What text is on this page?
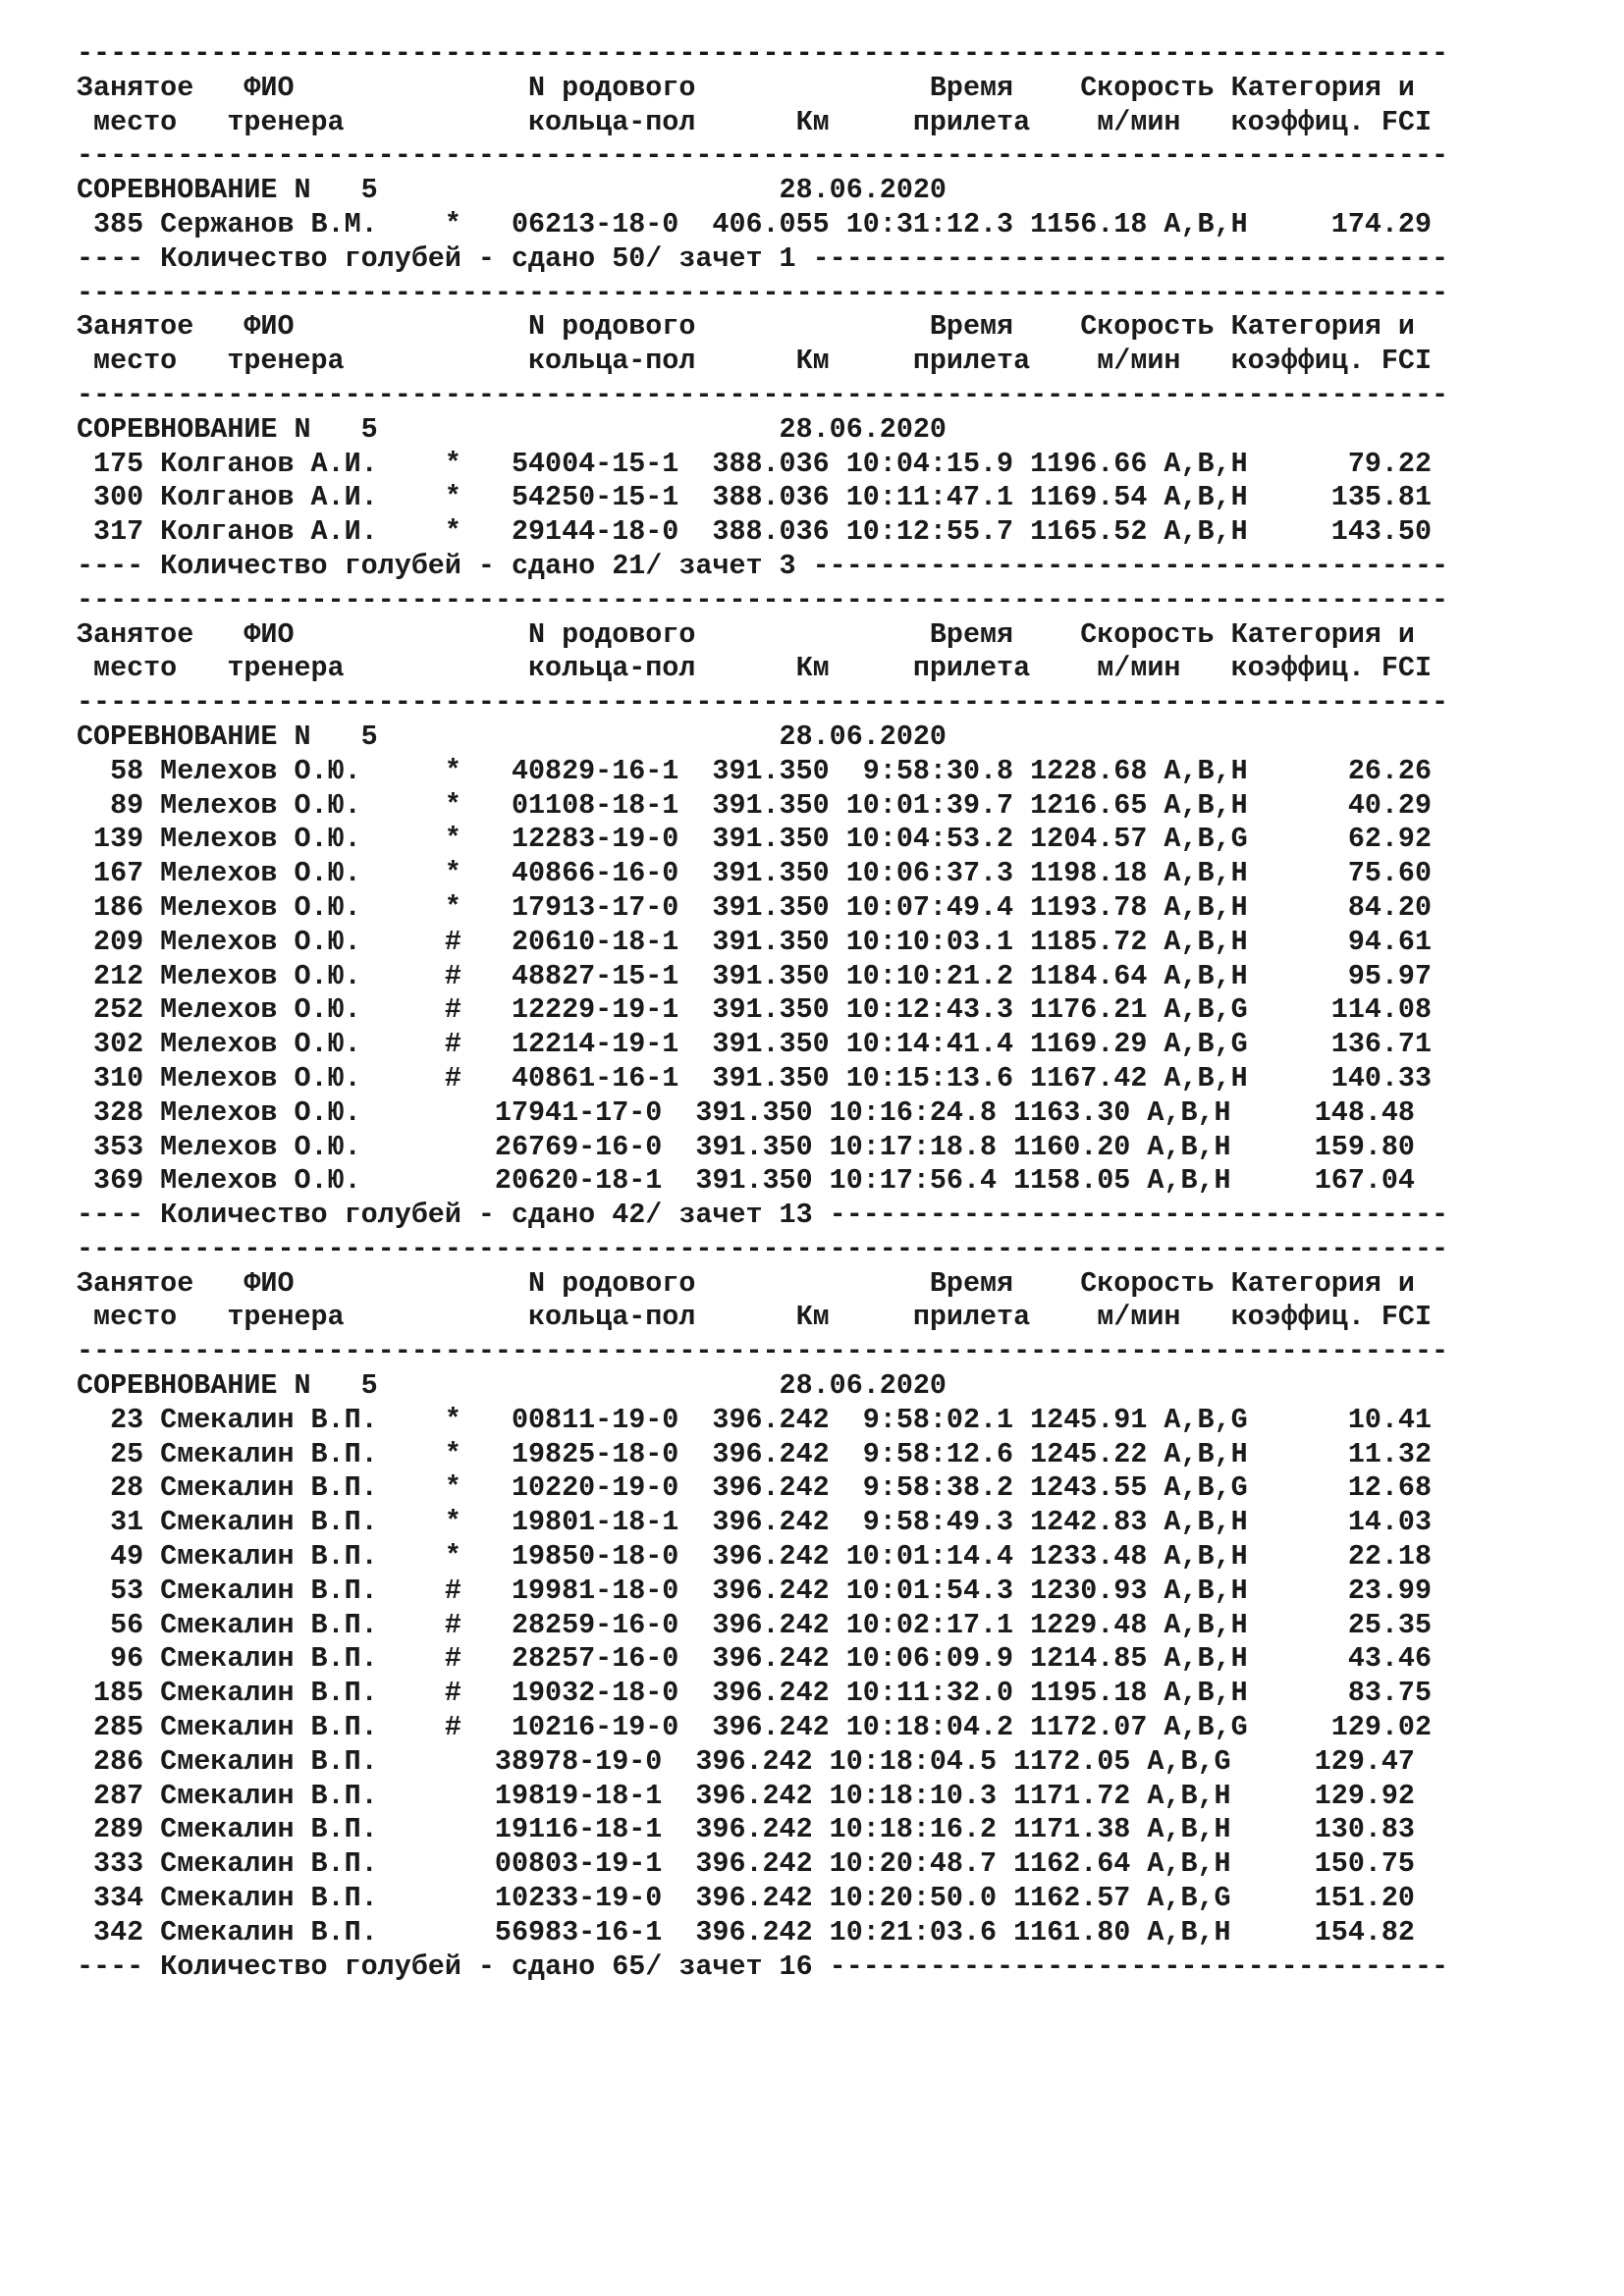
----------------------------------------------------------------------------------
Занятое   ФИО              N родового              Время    Скорость Категория и
место   тренера           кольца-пол      Км     прилета    м/мин   коэффиц. FCI
----------------------------------------------------------------------------------
СОРЕВНОВАНИЕ N   5                        28.06.2020
385 Сержанов В.М.    *   06213-18-0  406.055 10:31:12.3 1156.18 A,B,H     174.29
---- Количество голубей - сдано 50/ зачет 1 --------------------------------------
----------------------------------------------------------------------------------
Занятое   ФИО              N родового              Время    Скорость Категория и
место   тренера           кольца-пол      Км     прилета    м/мин   коэффиц. FCI
----------------------------------------------------------------------------------
СОРЕВНОВАНИЕ N   5                        28.06.2020
175 Колганов А.И.    *   54004-15-1  388.036 10:04:15.9 1196.66 A,B,H      79.22
300 Колганов А.И.    *   54250-15-1  388.036 10:11:47.1 1169.54 A,B,H     135.81
317 Колганов А.И.    *   29144-18-0  388.036 10:12:55.7 1165.52 A,B,H     143.50
---- Количество голубей - сдано 21/ зачет 3 --------------------------------------
----------------------------------------------------------------------------------
Занятое   ФИО              N родового              Время    Скорость Категория и
место   тренера           кольца-пол      Км     прилета    м/мин   коэффиц. FCI
----------------------------------------------------------------------------------
СОРЕВНОВАНИЕ N   5                        28.06.2020
58 Мелехов О.Ю.     *   40829-16-1  391.350  9:58:30.8 1228.68 A,B,H      26.26
89 Мелехов О.Ю.     *   01108-18-1  391.350 10:01:39.7 1216.65 A,B,H      40.29
139 Мелехов О.Ю.     *   12283-19-0  391.350 10:04:53.2 1204.57 A,B,G      62.92
167 Мелехов О.Ю.     *   40866-16-0  391.350 10:06:37.3 1198.18 A,B,H      75.60
186 Мелехов О.Ю.     *   17913-17-0  391.350 10:07:49.4 1193.78 A,B,H      84.20
209 Мелехов О.Ю.     #   20610-18-1  391.350 10:10:03.1 1185.72 A,B,H      94.61
212 Мелехов О.Ю.     #   48827-15-1  391.350 10:10:21.2 1184.64 A,B,H      95.97
252 Мелехов О.Ю.     #   12229-19-1  391.350 10:12:43.3 1176.21 A,B,G     114.08
302 Мелехов О.Ю.     #   12214-19-1  391.350 10:14:41.4 1169.29 A,B,G     136.71
310 Мелехов О.Ю.     #   40861-16-1  391.350 10:15:13.6 1167.42 A,B,H     140.33
328 Мелехов О.Ю.        17941-17-0  391.350 10:16:24.8 1163.30 A,B,H     148.48
353 Мелехов О.Ю.        26769-16-0  391.350 10:17:18.8 1160.20 A,B,H     159.80
369 Мелехов О.Ю.        20620-18-1  391.350 10:17:56.4 1158.05 A,B,H     167.04
---- Количество голубей - сдано 42/ зачет 13 -------------------------------------
----------------------------------------------------------------------------------
Занятое   ФИО              N родового              Время    Скорость Категория и
место   тренера           кольца-пол      Км     прилета    м/мин   коэффиц. FCI
----------------------------------------------------------------------------------
СОРЕВНОВАНИЕ N   5                        28.06.2020
23 Смекалин В.П.    *   00811-19-0  396.242  9:58:02.1 1245.91 A,B,G      10.41
25 Смекалин В.П.    *   19825-18-0  396.242  9:58:12.6 1245.22 A,B,H      11.32
28 Смекалин В.П.    *   10220-19-0  396.242  9:58:38.2 1243.55 A,B,G      12.68
31 Смекалин В.П.    *   19801-18-1  396.242  9:58:49.3 1242.83 A,B,H      14.03
49 Смекалин В.П.    *   19850-18-0  396.242 10:01:14.4 1233.48 A,B,H      22.18
53 Смекалин В.П.    #   19981-18-0  396.242 10:01:54.3 1230.93 A,B,H      23.99
56 Смекалин В.П.    #   28259-16-0  396.242 10:02:17.1 1229.48 A,B,H      25.35
96 Смекалин В.П.    #   28257-16-0  396.242 10:06:09.9 1214.85 A,B,H      43.46
185 Смекалин В.П.    #   19032-18-0  396.242 10:11:32.0 1195.18 A,B,H      83.75
285 Смекалин В.П.    #   10216-19-0  396.242 10:18:04.2 1172.07 A,B,G     129.02
286 Смекалин В.П.       38978-19-0  396.242 10:18:04.5 1172.05 A,B,G     129.47
287 Смекалин В.П.       19819-18-1  396.242 10:18:10.3 1171.72 A,B,H     129.92
289 Смекалин В.П.       19116-18-1  396.242 10:18:16.2 1171.38 A,B,H     130.83
333 Смекалин В.П.       00803-19-1  396.242 10:20:48.7 1162.64 A,B,H     150.75
334 Смекалин В.П.       10233-19-0  396.242 10:20:50.0 1162.57 A,B,G     151.20
342 Смекалин В.П.       56983-16-1  396.242 10:21:03.6 1161.80 A,B,H     154.82
---- Количество голубей - сдано 65/ зачет 16 -------------------------------------
